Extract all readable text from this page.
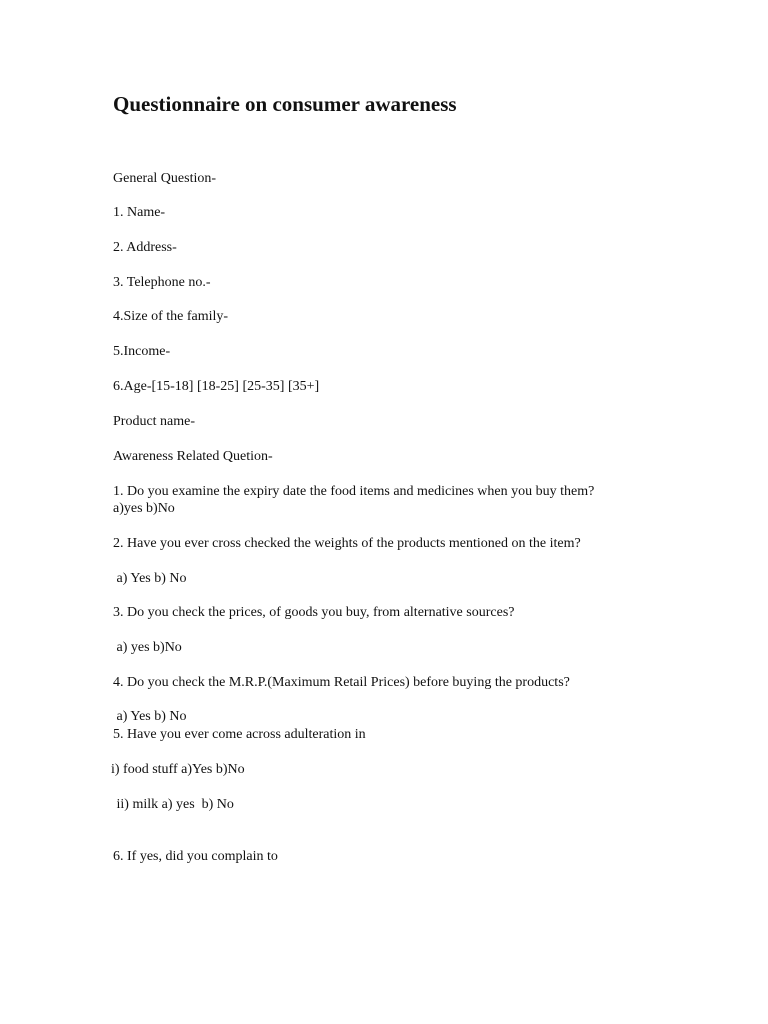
Questionnaire on consumer awareness
General Question-
1. Name-
2. Address-
3. Telephone no.-
4.Size of the family-
5.Income-
6.Age-[15-18] [18-25] [25-35] [35+]
Product name-
Awareness Related Quetion-
1. Do you examine the expiry date the food items and medicines when you buy them?
a)yes b)No
2. Have you ever cross checked the weights of the products mentioned on the item?
a) Yes b) No
3. Do you check the prices, of goods you buy, from alternative sources?
a) yes b)No
4. Do you check the M.R.P.(Maximum Retail Prices) before buying the products?
a) Yes b) No
5. Have you ever come across adulteration in
i) food stuff a)Yes b)No
ii) milk a) yes  b) No
6. If yes, did you complain to
